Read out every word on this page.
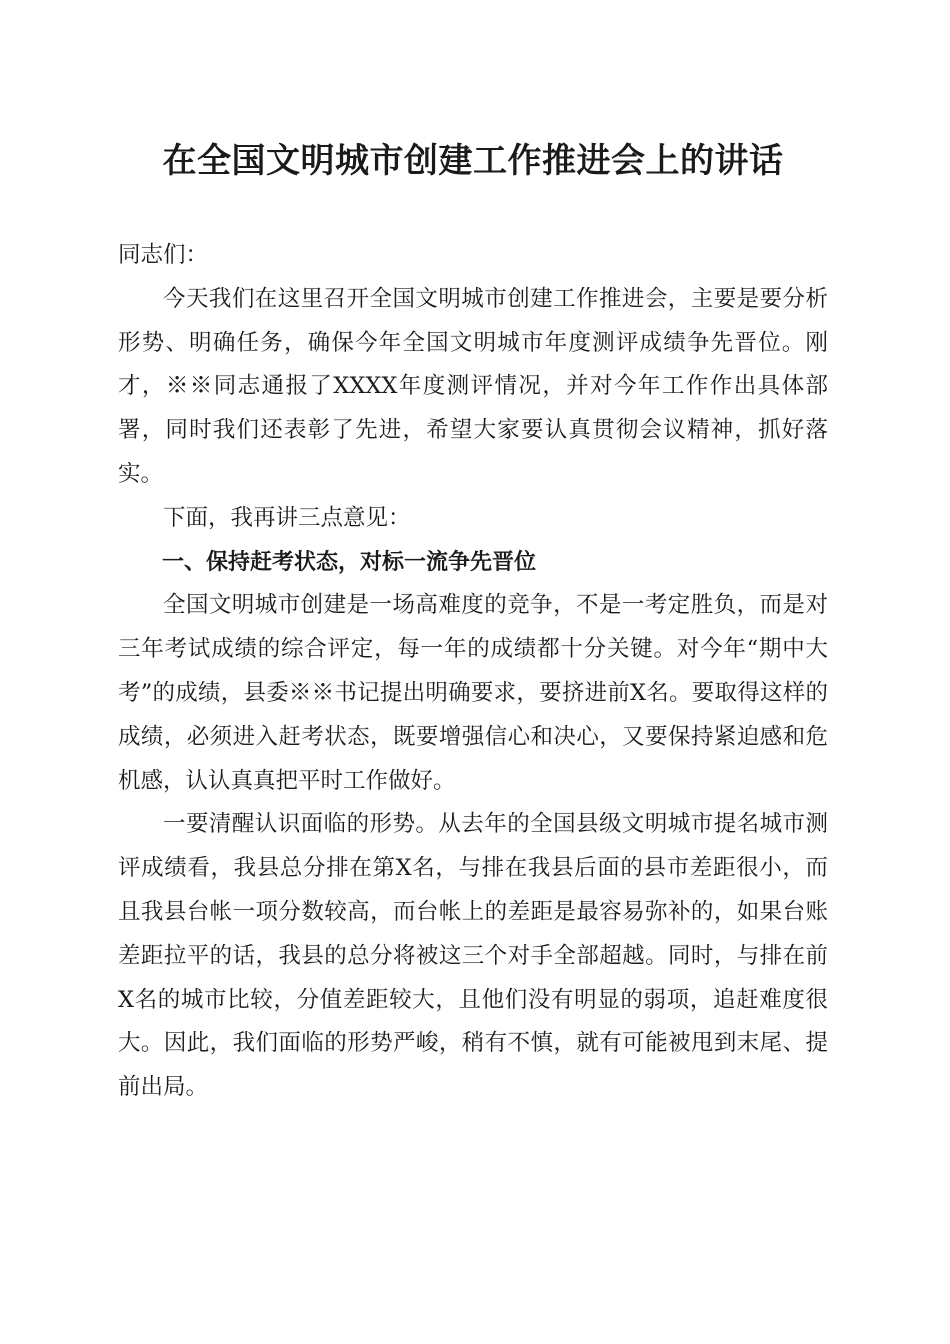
在全国文明城市创建工作推进会上的讲话

同志们：

今天我们在这里召开全国文明城市创建工作推进会，主要是要分析形势、明确任务，确保今年全国文明城市年度测评成绩争先晋位。刚才，※※同志通报了XXXX年度测评情况，并对今年工作作出具体部署，同时我们还表彰了先进，希望大家要认真贯彻会议精神，抓好落实。

下面，我再讲三点意见：

一、保持赶考状态，对标一流争先晋位

全国文明城市创建是一场高难度的竞争，不是一考定胜负，而是对三年考试成绩的综合评定，每一年的成绩都十分关键。对今年“期中大考”的成绩，县委※※书记提出明确要求，要挤进前X名。要取得这样的成绩，必须进入赶考状态，既要增强信心和决心，又要保持紧迫感和危机感，认认真真把平时工作做好。

一要清醒认识面临的形势。从去年的全国县级文明城市提名城市测评成绩看，我县总分排在第X名，与排在我县后面的县市差距很小，而且我县台帐一项分数较高，而台帐上的差距是最容易弥补的，如果台账差距拉平的话，我县的总分将被这三个对手全部超越。同时，与排在前X名的城市比较，分值差距较大，且他们没有明显的弱项，追赶难度很大。因此，我们面临的形势严峻，稍有不慎，就有可能被甩到末尾、提前出局。
